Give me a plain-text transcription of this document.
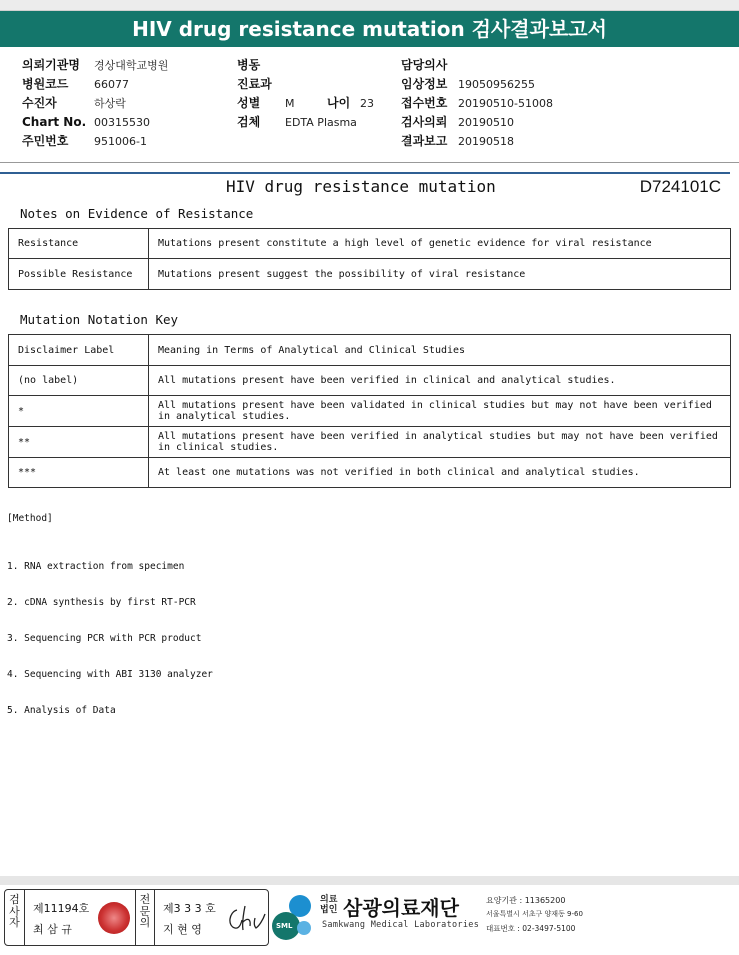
HIV drug resistance mutation 검사결과보고서
의뢰기관명 경상대학교병원
병원코드 66077
수진자	하상락
Chart No. 00315530
주민번호 951006-1
병동
진료과
성별 M	나이 23
검체 EDTA Plasma
담당의사
임상정보 19050956255
접수번호 20190510-51008
검사의뢰 20190510
결과보고 20190518
HIV drug resistance mutation	D724101C
Notes on Evidence of Resistance
Resistance	Mutations present constitute a high level of genetic evidence for viral resistance
Possible Resistance	Mutations present suggest the possibility of viral resistance
Mutation Notation Key
Disclaimer Label	Meaning in Terms of Analytical and Clinical Studies
(no label)	All mutations present have been verified in clinical and analytical studies.
*	All mutations present have been validated in clinical studies but may not have been verified in analytical studies.
**	All mutations present have been verified in analytical studies but may not have been verified in clinical studies.
***	At least one mutations was not verified in both clinical and analytical studies.
[Method]

1. RNA extraction from specimen

2. cDNA synthesis by first RT-PCR

3. Sequencing PCR with PCR product

4. Sequencing with ABI 3130 analyzer

5. Analysis of Data

검
사
자
제11194호
최 삼 규
전
문
의
제3 3 3 호
지 현 영	SML
의료법인 삼광의료재단
Samkwang Medical Laboratories
요양기관 : 11365200
서울특별시 서초구 양재동 9-60
대표번호 : 02-3497-5100
